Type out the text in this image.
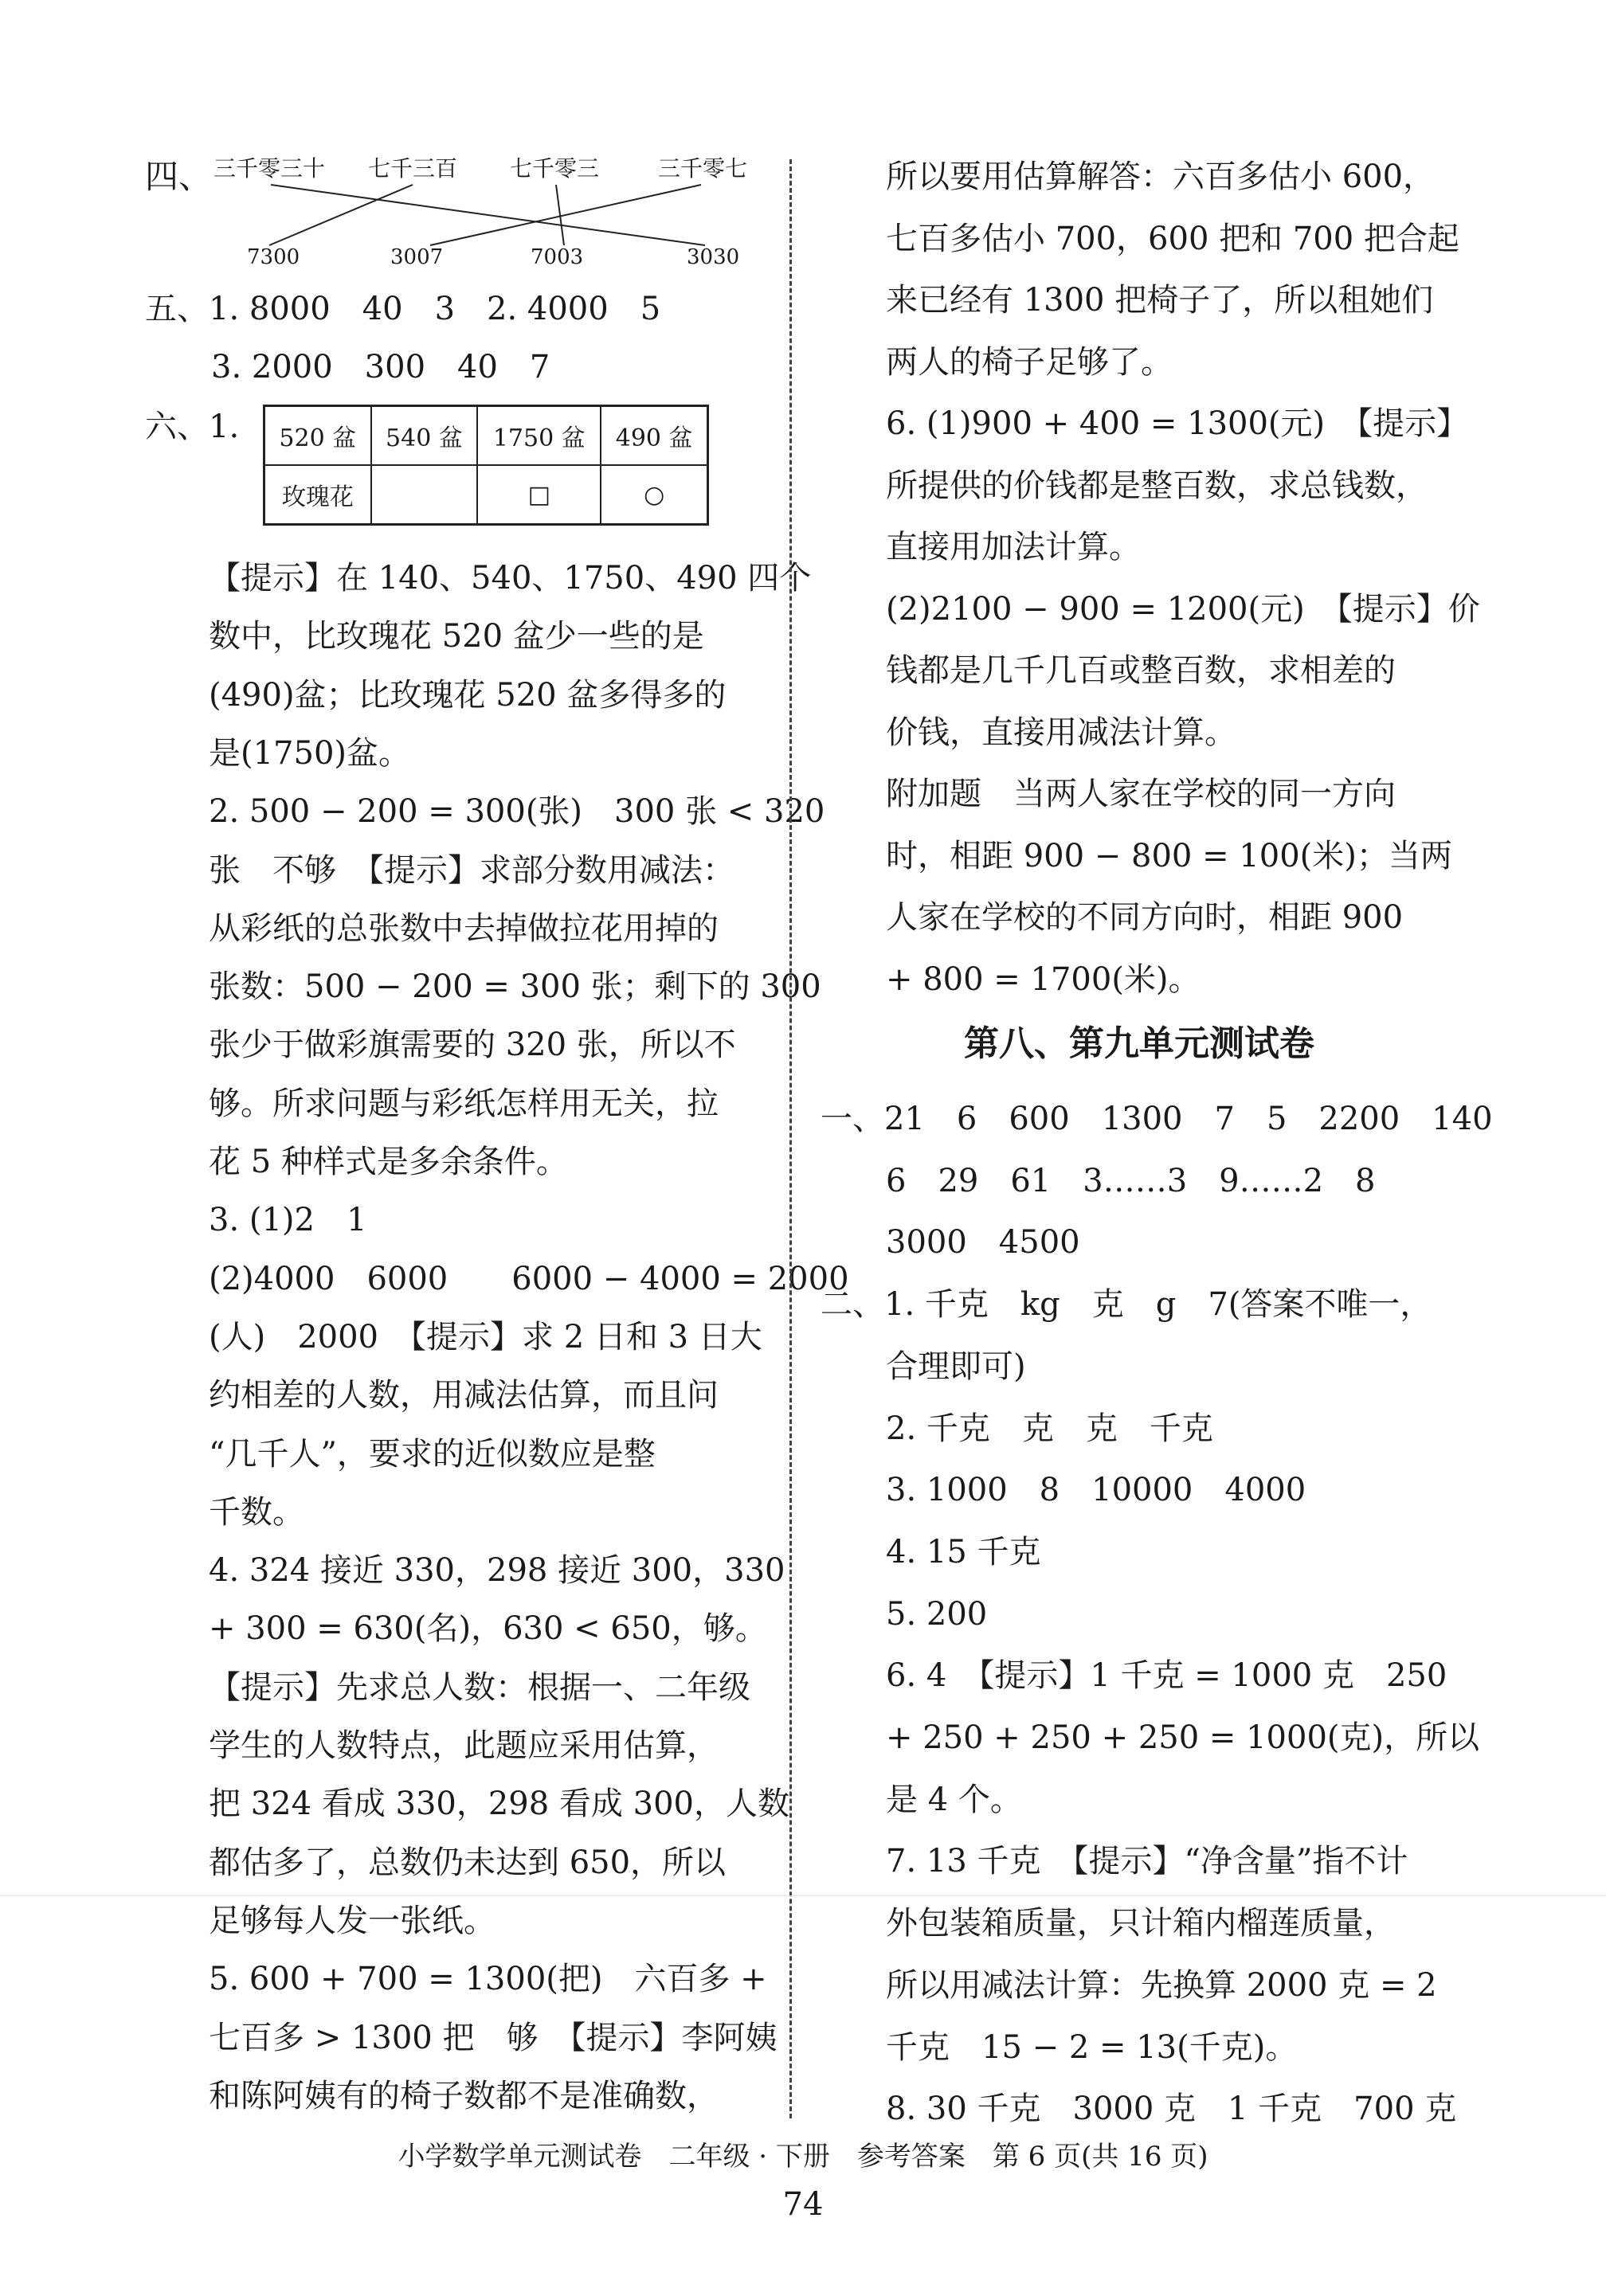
四、 三千零三十 七千三百 七千零三	三千零七
7300	3007	7003	3030
五、1. 8000　40　3　2. 4000　5
3. 2000　300　40　7
六、1. 520 盆	540 盆	1750 盆	490 盆
玫瑰花		□	○
【提示】在 140、540、1750、490 四个
数中，比玫瑰花 520 盆少一些的是
(490)盆；比玫瑰花 520 盆多得多的
是(1750)盆。
2. 500 − 200 = 300(张)　300 张 < 320
张　不够　【提示】求部分数用减法：
从彩纸的总张数中去掉做拉花用掉的
张数：500 − 200 = 300 张；剩下的 300
张少于做彩旗需要的 320 张，所以不
够。所求问题与彩纸怎样用无关，拉
花 5 种样式是多余条件。
3. (1)2　1
(2)4000　6000　　6000 − 4000 = 2000
(人)　2000　【提示】求 2 日和 3 日大
约相差的人数，用减法估算，而且问
“几千人”，要求的近似数应是整
千数。
4. 324 接近 330，298 接近 300，330
+ 300 = 630(名)，630 < 650，够。
【提示】先求总人数：根据一、二年级
学生的人数特点，此题应采用估算，
把 324 看成 330，298 看成 300，人数
都估多了，总数仍未达到 650，所以
足够每人发一张纸。
5. 600 + 700 = 1300(把)　六百多 +
七百多 > 1300 把　够　【提示】李阿姨
和陈阿姨有的椅子数都不是准确数，
所以要用估算解答：六百多估小 600，
七百多估小 700，600 把和 700 把合起
来已经有 1300 把椅子了，所以租她们
两人的椅子足够了。
6. (1)900 + 400 = 1300(元)　【提示】
所提供的价钱都是整百数，求总钱数，
直接用加法计算。
(2)2100 − 900 = 1200(元)　【提示】价
钱都是几千几百或整百数，求相差的
价钱，直接用减法计算。
附加题　当两人家在学校的同一方向
时，相距 900 − 800 = 100(米)；当两
人家在学校的不同方向时，相距 900
+ 800 = 1700(米)。
第八、第九单元测试卷
一、21　6　600　1300　7　5　2200　140
6　29　61　3……3　9……2　8
3000　4500
二、1. 千克　kg　克　g　7(答案不唯一，
合理即可)
2. 千克　克　克　千克
3. 1000　8　10000　4000
4. 15 千克
5. 200
6. 4　【提示】1 千克 = 1000 克　250
+ 250 + 250 + 250 = 1000(克)，所以
是 4 个。
7. 13 千克　【提示】“净含量”指不计
外包装箱质量，只计箱内榴莲质量，
所以用减法计算：先换算 2000 克 = 2
千克　15 − 2 = 13(千克)。
8. 30 千克　3000 克　1 千克　700 克
小学数学单元测试卷　二年级 · 下册　参考答案　第 6 页(共 16 页)
74
